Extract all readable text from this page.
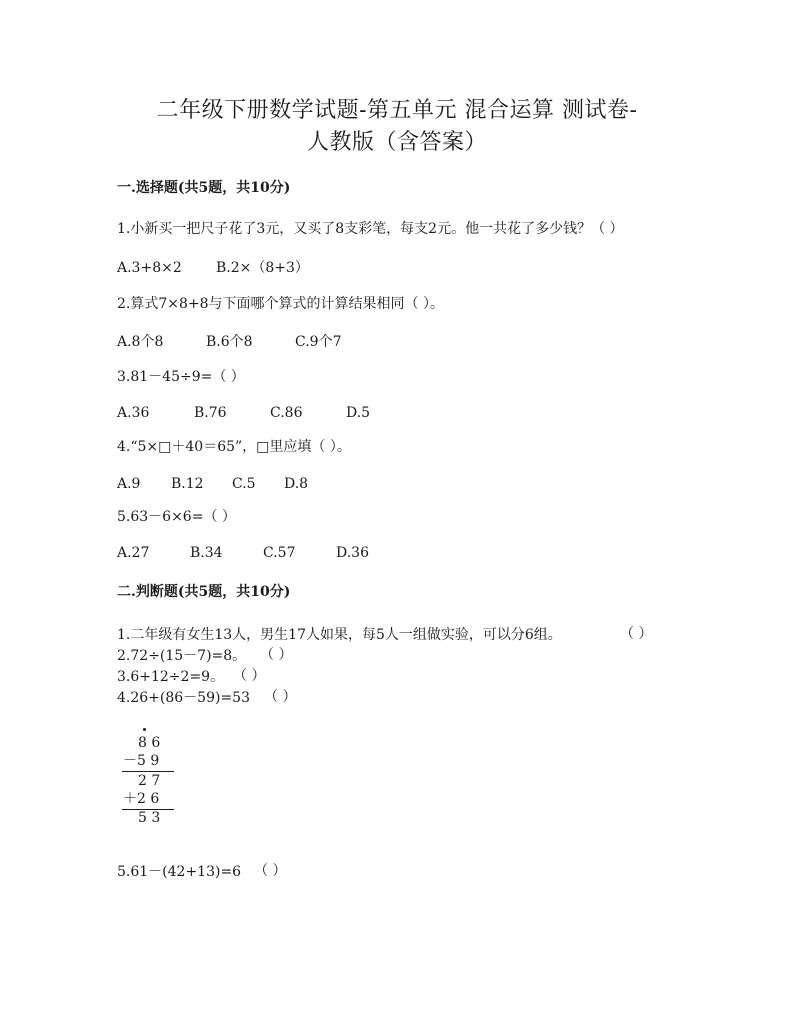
二年级下册数学试题-第五单元 混合运算 测试卷-
人教版（含答案）
一.选择题(共5题，共10分)
1.小新买一把尺子花了3元，又买了8支彩笔，每支2元。他一共花了多少钱？（ ）
A.3+8×2 B.2×（8+3）
2.算式7×8+8与下面哪个算式的计算结果相同（ ）。
A.8个8	B.6个8	C.9个7
3.81－45÷9=（ ）
A.36	B.76	C.86	D.5
4.“5×□＋40＝65”，□里应填（ ）。
A.9 B.12 C.5 D.8
5.63－6×6=（ ）
A.27	B.34	C.57	D.36
二.判断题(共5题，共10分)
1.二年级有女生13人，男生17人如果，每5人一组做实验，可以分6组。	（ ）
2.72÷(15－7)=8。 （ ）
3.6+12÷2=9。 （ ）
4.26+(86－59)=53 （ ）
8 6
－5 9
2 7
＋2 6
5 3
5.61－(42+13)=6 （ ）
